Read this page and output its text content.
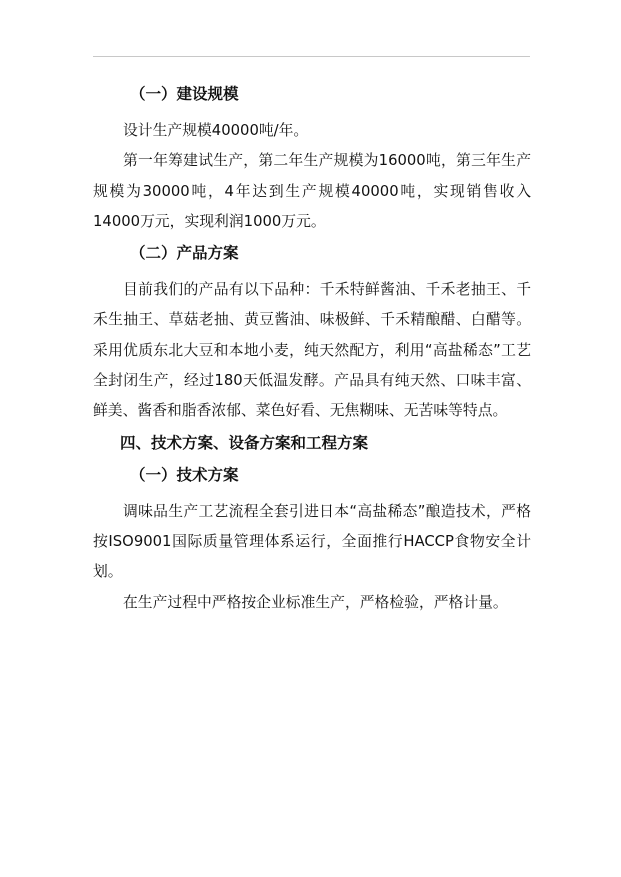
（一）建设规模

设计生产规模40000吨/年。

第一年筹建试生产，第二年生产规模为16000吨，第三年生产规模为30000吨，4年达到生产规模40000吨，实现销售收入14000万元，实现利润1000万元。

（二）产品方案

目前我们的产品有以下品种：千禾特鲜酱油、千禾老抽王、千禾生抽王、草菇老抽、黄豆酱油、味极鲜、千禾精酿醋、白醋等。采用优质东北大豆和本地小麦，纯天然配方，利用“高盐稀态”工艺全封闭生产，经过180天低温发酵。产品具有纯天然、口味丰富、鲜美、酱香和脂香浓郁、菜色好看、无焦糊味、无苦味等特点。

四、技术方案、设备方案和工程方案
（一）技术方案

调味品生产工艺流程全套引进日本“高盐稀态”酿造技术，严格按ISO9001国际质量管理体系运行，全面推行HACCP食物安全计划。

在生产过程中严格按企业标准生产，严格检验，严格计量。
